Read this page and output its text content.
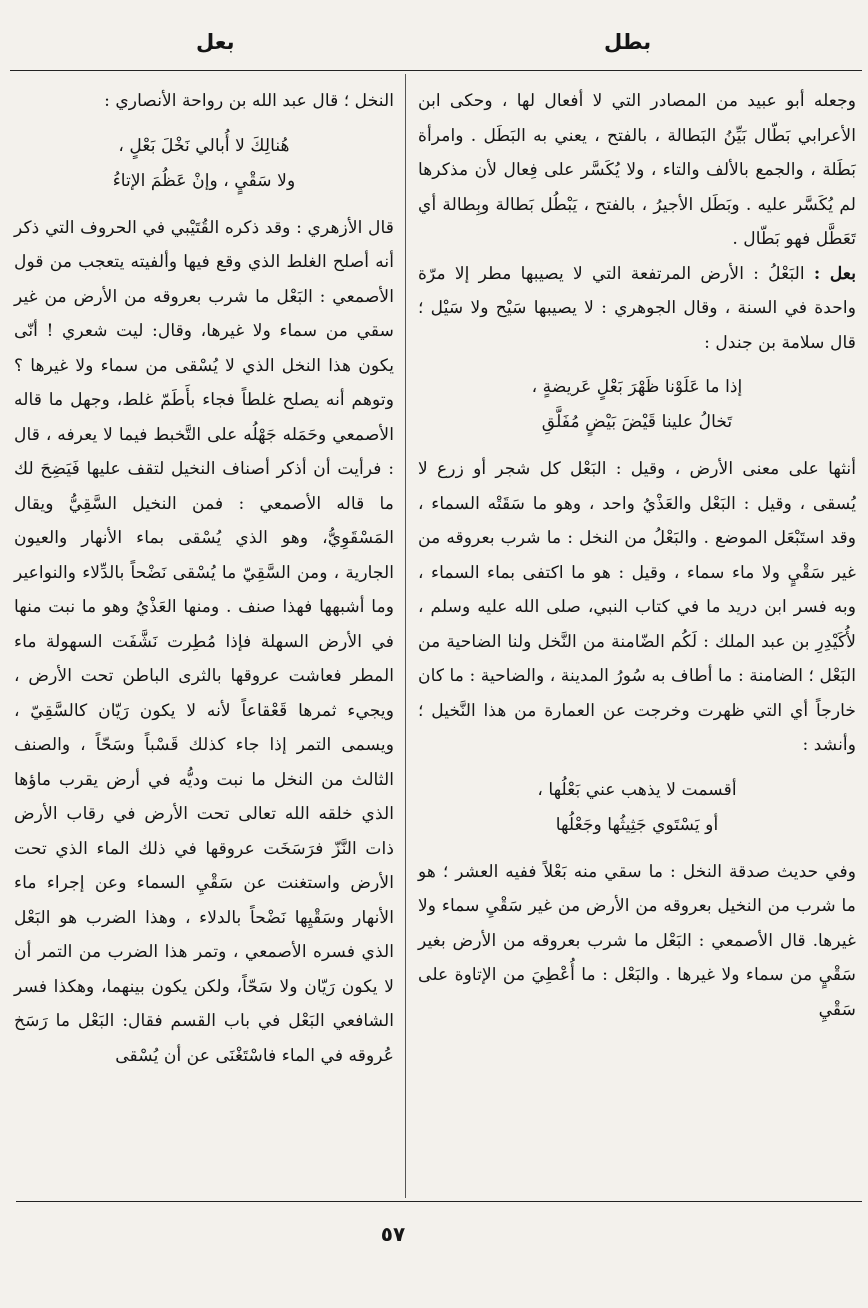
بعل	بطل

وجعله أبو عبيد من المصادر التي لا أفعال لها ، وحكى ابن الأعرابي بَطّال بَيِّنُ البَطالة ، بالفتح ، يعني به البَطَل . وامرأة بَطَلة ، والجمع بالألف والتاء ، ولا يُكَسَّر على فِعال لأن مذكرها لم يُكَسَّر عليه . وبَطَل الأجيرُ ، بالفتح ، يَبْطُل بَطالة وبِطالة أي تَعَطَّل فهو بَطّال .

بعل : البَعْلُ : الأرض المرتفعة التي لا يصيبها مطر إلا مرّة واحدة في السنة ، وقال الجوهري : لا يصيبها سَيْح ولا سَيْل ؛ قال سلامة بن جندل :

إذا ما عَلَوْنا ظَهْرَ بَعْلٍ عَريضةٍ ،
تَخالُ علينا قَيْضَ بَيْضٍ مُفَلَّقِ

أنثها على معنى الأرض ، وقيل : البَعْل كل شجر أو زرع لا يُسقى ، وقيل : البَعْل والعَذْيُ واحد ، وهو ما سَقَتْه السماء ، وقد استَبْعَل الموضع . والبَعْلُ من النخل : ما شرب بعروقه من غير سَقْيٍ ولا ماء سماء ، وقيل : هو ما اكتفى بماء السماء ، وبه فسر ابن دريد ما في كتاب النبي، صلى الله عليه وسلم ، لأُكَيْدِرِ بن عبد الملك : لَكُم الضّامنة من النَّخل ولنا الضاحية من البَعْل ؛ الضامنة : ما أطاف به سُورُ المدينة ، والضاحية : ما كان خارجاً أي التي ظهرت وخرجت عن العمارة من هذا النَّخيل ؛ وأنشد :

أقسمت لا يذهب عني بَعْلُها ،
أو يَسْتَوي جَثِيثُها وجَعْلُها

وفي حديث صدقة النخل : ما سقي منه بَعْلاً ففيه العشر ؛ هو ما شرب من النخيل بعروقه من الأرض من غير سَقْيِ سماء ولا غيرها. قال الأصمعي : البَعْل ما شرب بعروقه من الأرض بغير سَقْيٍ من سماء ولا غيرها . والبَعْل : ما أُعْطِيَ من الإتاوة على سَقْيِ

النخل ؛ قال عبد الله بن رواحة الأنصاري :

هُنالِكَ لا أُبالي نَخْلَ بَعْلٍ ،
ولا سَقْيٍ ، وإنْ عَظُمَ الإتاءُ

قال الأزهري : وقد ذكره القُتَيْبي في الحروف التي ذكر أنه أصلح الغلط الذي وقع فيها وألفيته يتعجب من قول الأصمعي : البَعْل ما شرب بعروقه من الأرض من غير سقي من سماء ولا غيرها، وقال: ليت شعري ! أنّى يكون هذا النخل الذي لا يُسْقى من سماء ولا غيرها ؟ وتوهم أنه يصلح غلطاً فجاء بأَطَمّ غلط، وجهل ما قاله الأصمعي وحَمَله جَهْلُه على التَّخبط فيما لا يعرفه ، قال : فرأيت أن أذكر أصناف النخيل لتقف عليها فَيَضِحَ لك ما قاله الأصمعي : فمن النخيل السَّقِيُّ ويقال المَسْقَوِيُّ، وهو الذي يُسْقى بماء الأنهار والعيون الجارية ، ومن السَّقِيّ ما يُسْقى نَضْحاً بالدِّلاء والنواعير وما أشبهها فهذا صنف . ومنها العَذْيُ وهو ما نبت منها في الأرض السهلة فإذا مُطِرت نَشَّفَت السهولة ماء المطر فعاشت عروقها بالثرى الباطن تحت الأرض ، ويجيء ثمرها قَعْقاعاً لأنه لا يكون رَيّان كالسَّقِيّ ، ويسمى التمر إذا جاء كذلك قَسْباً وسَحّاً ، والصنف الثالث من النخل ما نبت وديُّه في أرض يقرب ماؤها الذي خلقه الله تعالى تحت الأرض في رقاب الأرض ذات النَّزّ فرَسَخَت عروقها في ذلك الماء الذي تحت الأرض واستغنت عن سَقْيِ السماء وعن إجراء ماء الأنهار وسَقْيِها نَضْحاً بالدلاء ، وهذا الضرب هو البَعْل الذي فسره الأصمعي ، وتمر هذا الضرب من التمر أن لا يكون رَيّان ولا سَحّاً، ولكن يكون بينهما، وهكذا فسر الشافعي البَعْل في باب القسم فقال: البَعْل ما رَسَخ عُروقه في الماء فاسْتَغْنَى عن أن يُسْقى

٥٧
